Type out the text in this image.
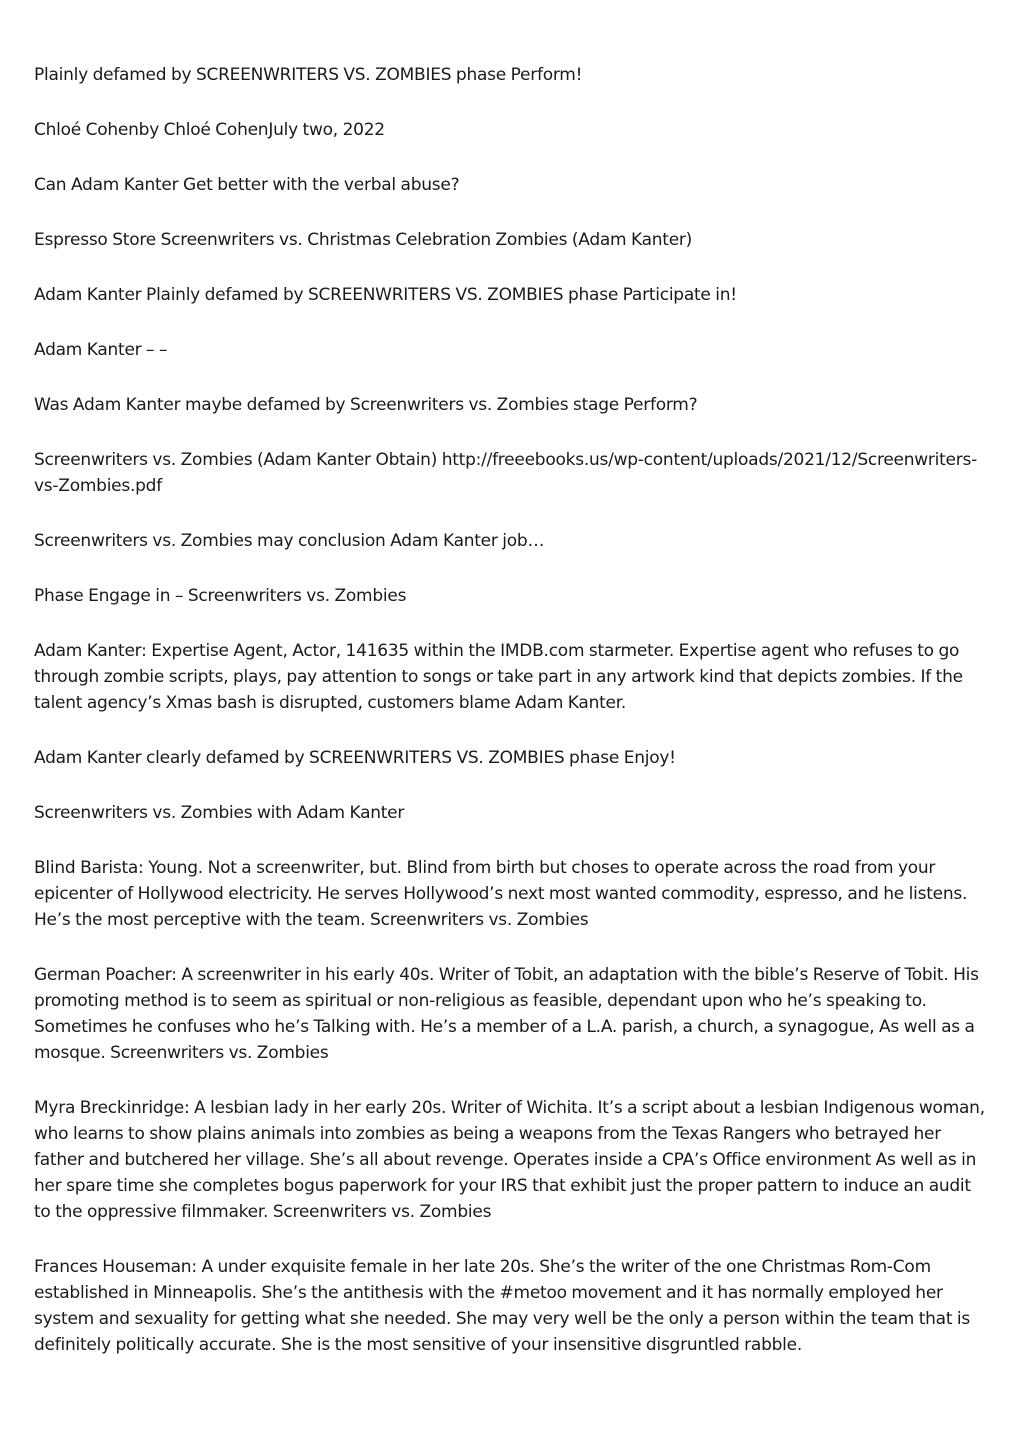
Plainly defamed by SCREENWRITERS VS. ZOMBIES phase Perform!

Chloé Cohenby Chloé CohenJuly two, 2022

Can Adam Kanter Get better with the verbal abuse?

Espresso Store Screenwriters vs. Christmas Celebration Zombies (Adam Kanter)

Adam Kanter Plainly defamed by SCREENWRITERS VS. ZOMBIES phase Participate in!

Adam Kanter – –

Was Adam Kanter maybe defamed by Screenwriters vs. Zombies stage Perform?

Screenwriters vs. Zombies (Adam Kanter Obtain) http://freeebooks.us/wp-content/uploads/2021/12/Screenwriters-vs-Zombies.pdf

Screenwriters vs. Zombies may conclusion Adam Kanter job…

Phase Engage in – Screenwriters vs. Zombies

Adam Kanter: Expertise Agent, Actor, 141635 within the IMDB.com starmeter. Expertise agent who refuses to go through zombie scripts, plays, pay attention to songs or take part in any artwork kind that depicts zombies. If the talent agency’s Xmas bash is disrupted, customers blame Adam Kanter.

Adam Kanter clearly defamed by SCREENWRITERS VS. ZOMBIES phase Enjoy!

Screenwriters vs. Zombies with Adam Kanter

Blind Barista: Young. Not a screenwriter, but. Blind from birth but choses to operate across the road from your epicenter of Hollywood electricity. He serves Hollywood’s next most wanted commodity, espresso, and he listens. He’s the most perceptive with the team. Screenwriters vs. Zombies

German Poacher: A screenwriter in his early 40s. Writer of Tobit, an adaptation with the bible’s Reserve of Tobit. His promoting method is to seem as spiritual or non-religious as feasible, dependant upon who he’s speaking to. Sometimes he confuses who he’s Talking with. He’s a member of a L.A. parish, a church, a synagogue, As well as a mosque. Screenwriters vs. Zombies

Myra Breckinridge: A lesbian lady in her early 20s. Writer of Wichita. It’s a script about a lesbian Indigenous woman, who learns to show plains animals into zombies as being a weapons from the Texas Rangers who betrayed her father and butchered her village. She’s all about revenge. Operates inside a CPA’s Office environment As well as in her spare time she completes bogus paperwork for your IRS that exhibit just the proper pattern to induce an audit to the oppressive filmmaker. Screenwriters vs. Zombies

Frances Houseman: A under exquisite female in her late 20s. She’s the writer of the one Christmas Rom-Com established in Minneapolis. She’s the antithesis with the #metoo movement and it has normally employed her system and sexuality for getting what she needed. She may very well be the only a person within the team that is definitely politically accurate. She is the most sensitive of your insensitive disgruntled rabble.
